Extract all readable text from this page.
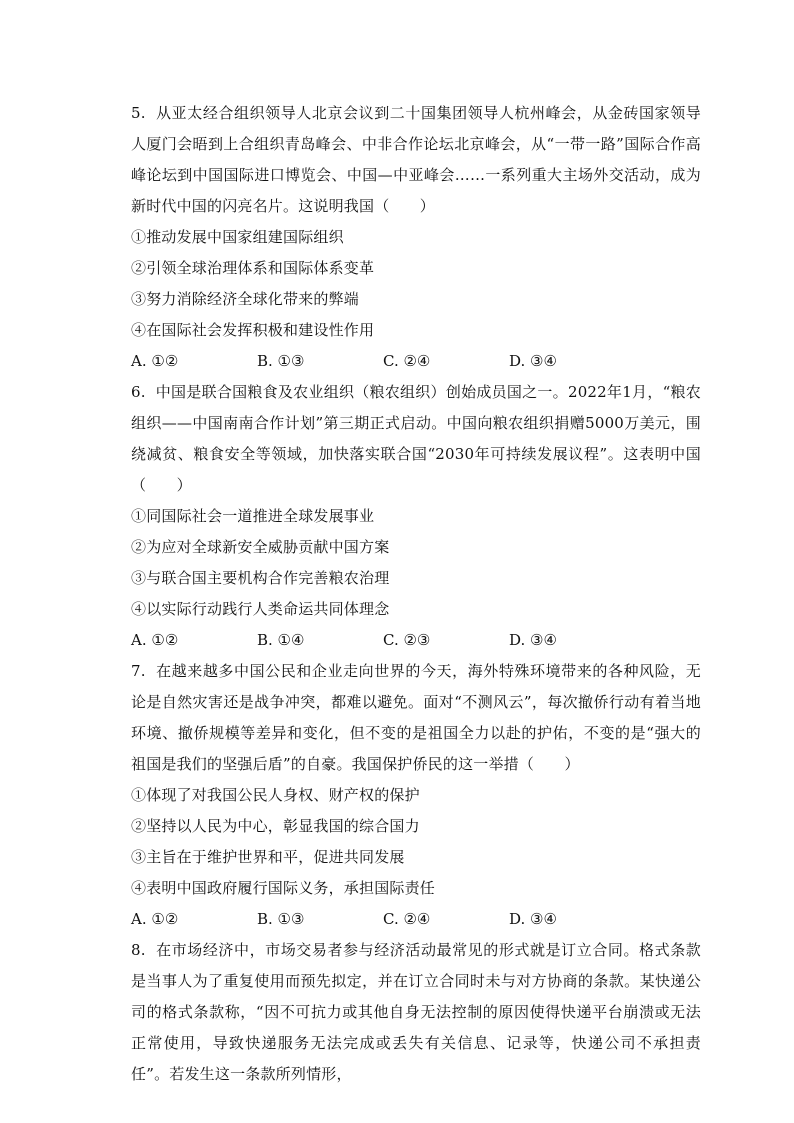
5. 从亚太经合组织领导人北京会议到二十国集团领导人杭州峰会，从金砖国家领导人厦门会晤到上合组织青岛峰会、中非合作论坛北京峰会，从“一带一路”国际合作高峰论坛到中国国际进口博览会、中国—中亚峰会……一系列重大主场外交活动，成为新时代中国的闪亮名片。这说明我国（　　）

①推动发展中国家组建国际组织

②引领全球治理体系和国际体系变革

③努力消除经济全球化带来的弊端

④在国际社会发挥积极和建设性作用

A. ①②	B. ①③	C. ②④	D. ③④

6. 中国是联合国粮食及农业组织（粮农组织）创始成员国之一。2022年1月，“粮农组织——中国南南合作计划”第三期正式启动。中国向粮农组织捐赠5000万美元，围绕减贫、粮食安全等领域，加快落实联合国“2030年可持续发展议程”。这表明中国（　　）

①同国际社会一道推进全球发展事业

②为应对全球新安全威胁贡献中国方案

③与联合国主要机构合作完善粮农治理

④以实际行动践行人类命运共同体理念

A. ①②	B. ①④	C. ②③	D. ③④

7. 在越来越多中国公民和企业走向世界的今天，海外特殊环境带来的各种风险，无论是自然灾害还是战争冲突，都难以避免。面对“不测风云”，每次撤侨行动有着当地环境、撤侨规模等差异和变化，但不变的是祖国全力以赴的护佑，不变的是“强大的祖国是我们的坚强后盾”的自豪。我国保护侨民的这一举措（　　）

①体现了对我国公民人身权、财产权的保护

②坚持以人民为中心，彰显我国的综合国力

③主旨在于维护世界和平，促进共同发展

④表明中国政府履行国际义务，承担国际责任

A. ①②	B. ①③	C. ②④	D. ③④

8. 在市场经济中，市场交易者参与经济活动最常见的形式就是订立合同。格式条款是当事人为了重复使用而预先拟定，并在订立合同时未与对方协商的条款。某快递公司的格式条款称，“因不可抗力或其他自身无法控制的原因使得快递平台崩溃或无法正常使用，导致快递服务无法完成或丢失有关信息、记录等，快递公司不承担责任”。若发生这一条款所列情形，
